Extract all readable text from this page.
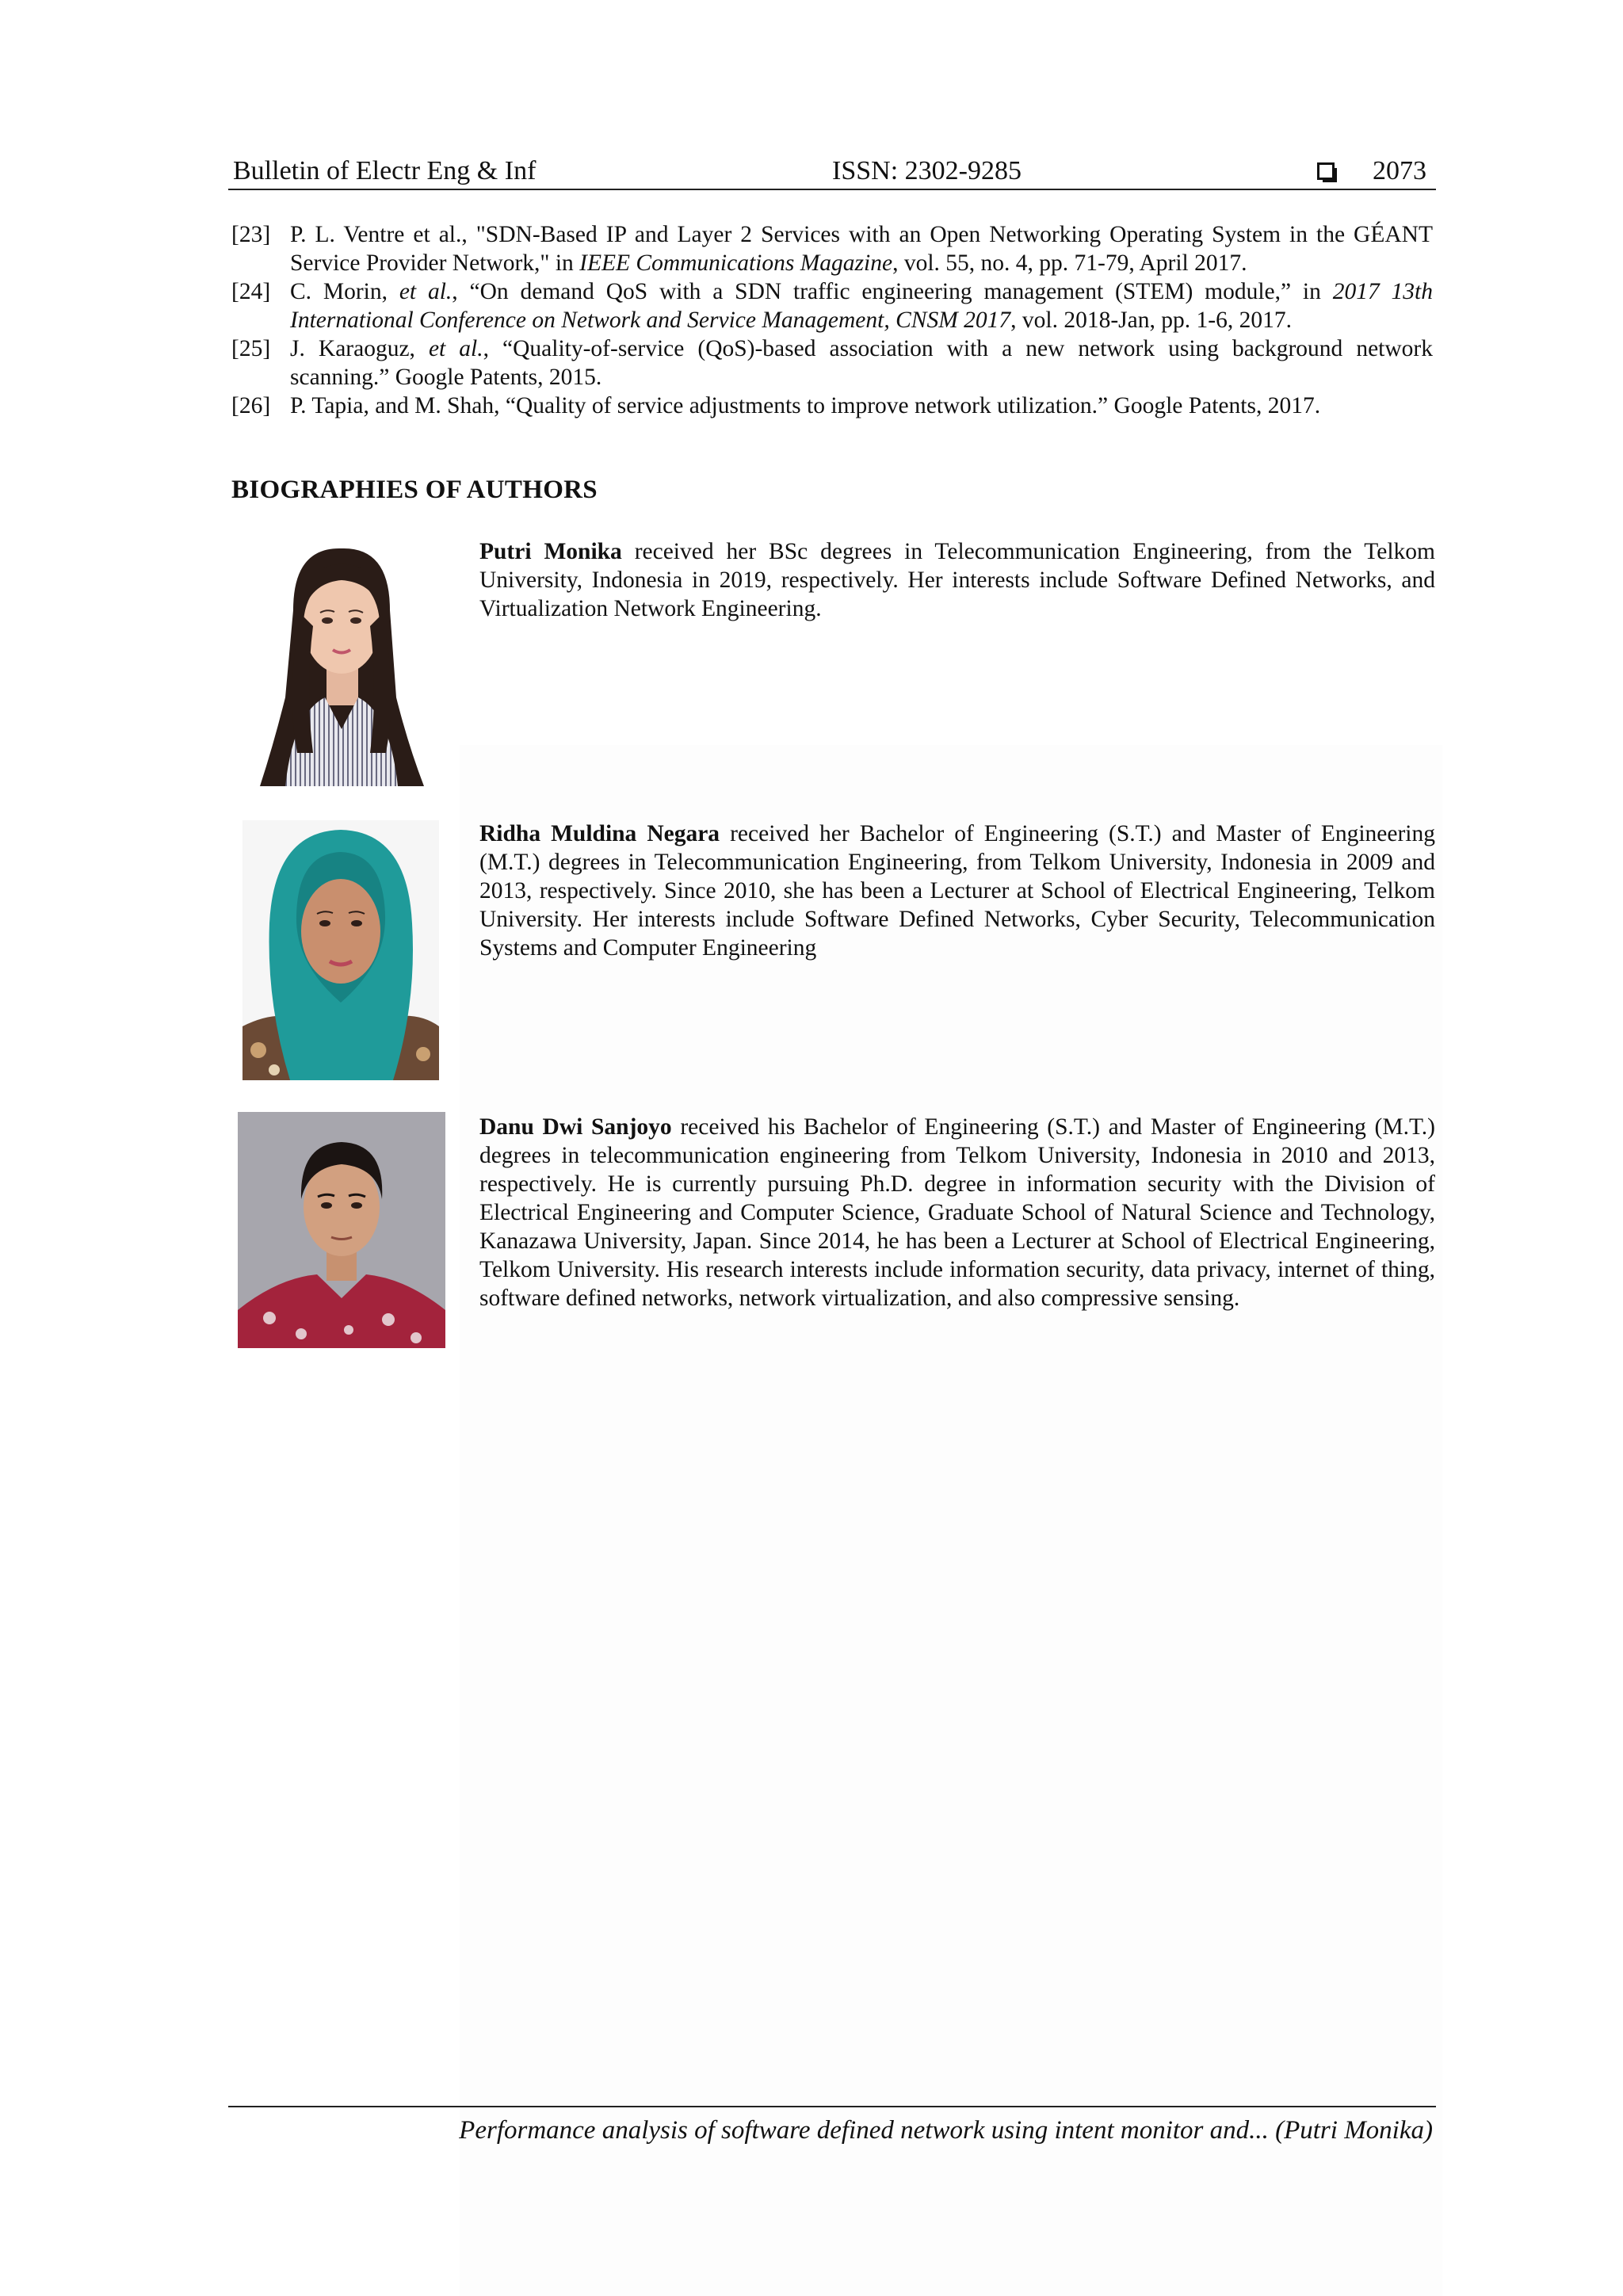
Bulletin of Electr Eng & Inf	ISSN: 2302-9285	2073
[23] P. L. Ventre et al., "SDN-Based IP and Layer 2 Services with an Open Networking Operating System in the GÉANT Service Provider Network," in IEEE Communications Magazine, vol. 55, no. 4, pp. 71-79, April 2017.
[24] C. Morin, et al., “On demand QoS with a SDN traffic engineering management (STEM) module,” in 2017 13th International Conference on Network and Service Management, CNSM 2017, vol. 2018-Jan, pp. 1-6, 2017.
[25] J. Karaoguz, et al., “Quality-of-service (QoS)-based association with a new network using background network scanning.” Google Patents, 2015.
[26] P. Tapia, and M. Shah, “Quality of service adjustments to improve network utilization.” Google Patents, 2017.
BIOGRAPHIES OF AUTHORS
Putri Monika received her BSc degrees in Telecommunication Engineering, from the Telkom University, Indonesia in 2019, respectively. Her interests include Software Defined Networks, and Virtualization Network Engineering.
Ridha Muldina Negara received her Bachelor of Engineering (S.T.) and Master of Engineering (M.T.) degrees in Telecommunication Engineering, from Telkom University, Indonesia in 2009 and 2013, respectively. Since 2010, she has been a Lecturer at School of Electrical Engineering, Telkom University. Her interests include Software Defined Networks, Cyber Security, Telecommunication Systems and Computer Engineering
Danu Dwi Sanjoyo received his Bachelor of Engineering (S.T.) and Master of Engineering (M.T.) degrees in telecommunication engineering from Telkom University, Indonesia in 2010 and 2013, respectively. He is currently pursuing Ph.D. degree in information security with the Division of Electrical Engineering and Computer Science, Graduate School of Natural Science and Technology, Kanazawa University, Japan. Since 2014, he has been a Lecturer at School of Electrical Engineering, Telkom University. His research interests include information security, data privacy, internet of thing, software defined networks, network virtualization, and also compressive sensing.
Performance analysis of software defined network using intent monitor and... (Putri Monika)
